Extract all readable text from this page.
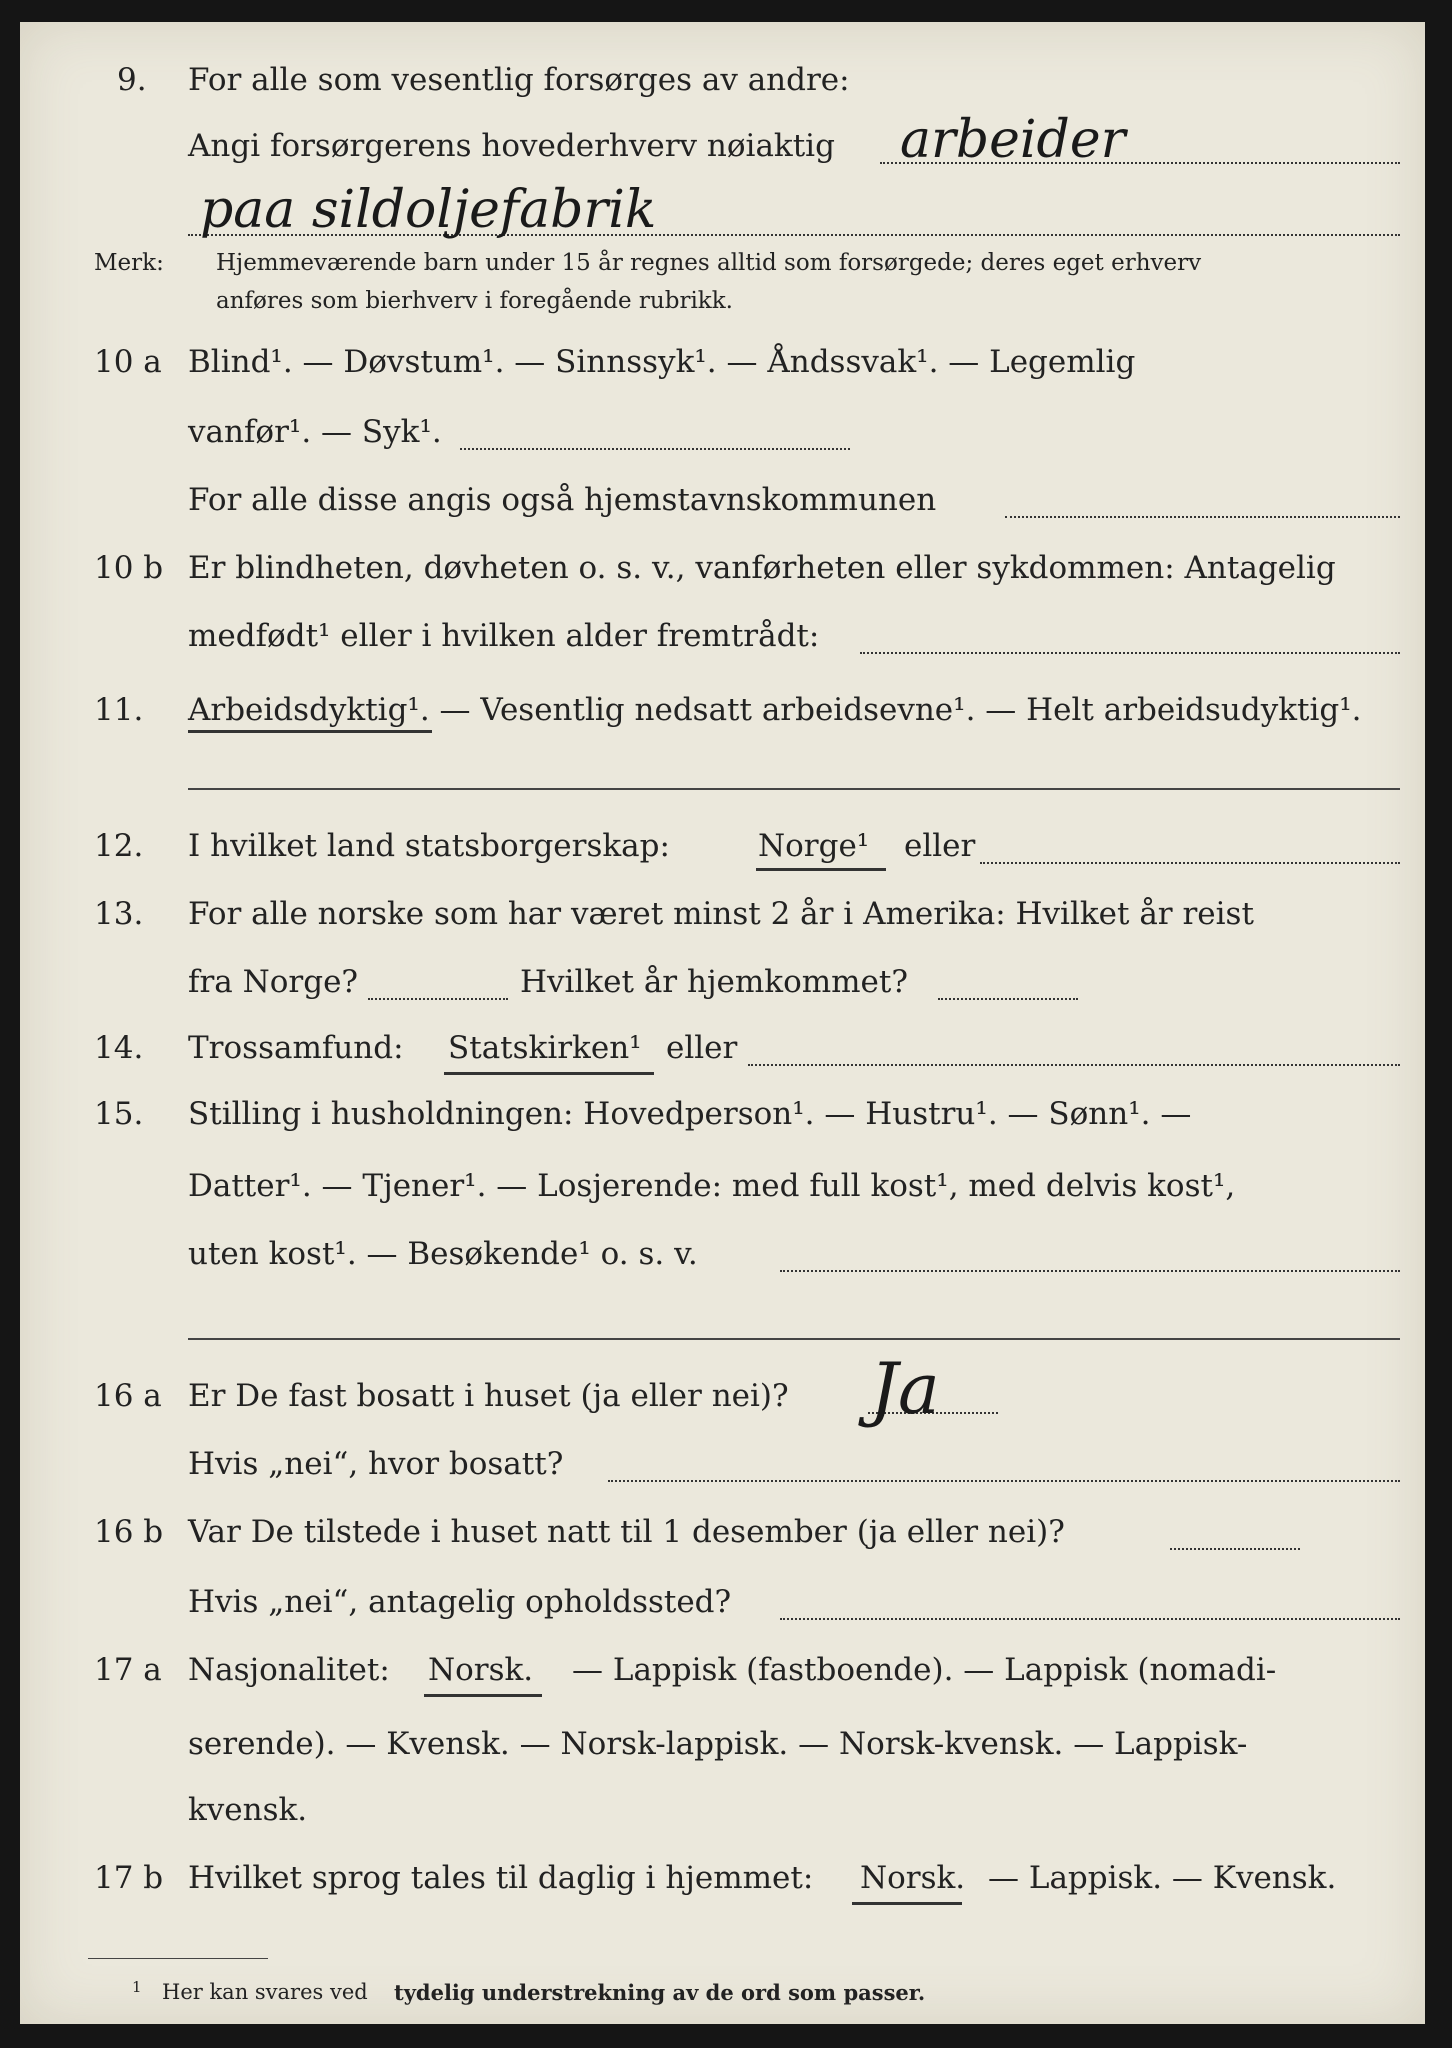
9. For alle som vesentlig forsørges av andre:
Angi forsørgerens hovederhverv nøiaktig arbeider
paa sildoljefabrik
Merk: Hjemmeværende barn under 15 år regnes alltid som forsørgede; deres eget erhverv
anføres som bierhverv i foregående rubrikk.
10 a Blind¹. — Døvstum¹. — Sinnssyk¹. — Åndssvak¹. — Legemlig
vanfør¹. — Syk¹.
For alle disse angis også hjemstavnskommunen
10 b Er blindheten, døvheten o. s. v., vanførheten eller sykdommen: Antagelig
medfødt¹ eller i hvilken alder fremtrådt:
11. Arbeidsdyktig¹. — Vesentlig nedsatt arbeidsevne¹. — Helt arbeidsudyktig¹.
12. I hvilket land statsborgerskap:	Norge¹ eller
13. For alle norske som har været minst 2 år i Amerika: Hvilket år reist
fra Norge?	Hvilket år hjemkommet?
14. Trossamfund: Statskirken¹ eller
15. Stilling i husholdningen: Hovedperson¹. — Hustru¹. — Sønn¹. —
Datter¹. — Tjener¹. — Losjerende: med full kost¹, med delvis kost¹,
uten kost¹. — Besøkende¹ o. s. v.
16 a Er De fast bosatt i huset (ja eller nei)? Ja
Hvis „nei“, hvor bosatt?
16 b Var De tilstede i huset natt til 1 desember (ja eller nei)?
Hvis „nei“, antagelig opholdssted?
17 a Nasjonalitet: Norsk. — Lappisk (fastboende). — Lappisk (nomadi-
serende). — Kvensk. — Norsk-lappisk. — Norsk-kvensk. — Lappisk-
kvensk.
17 b Hvilket sprog tales til daglig i hjemmet: Norsk. — Lappisk. — Kvensk.
1 Her kan svares ved tydelig understrekning av de ord som passer.
